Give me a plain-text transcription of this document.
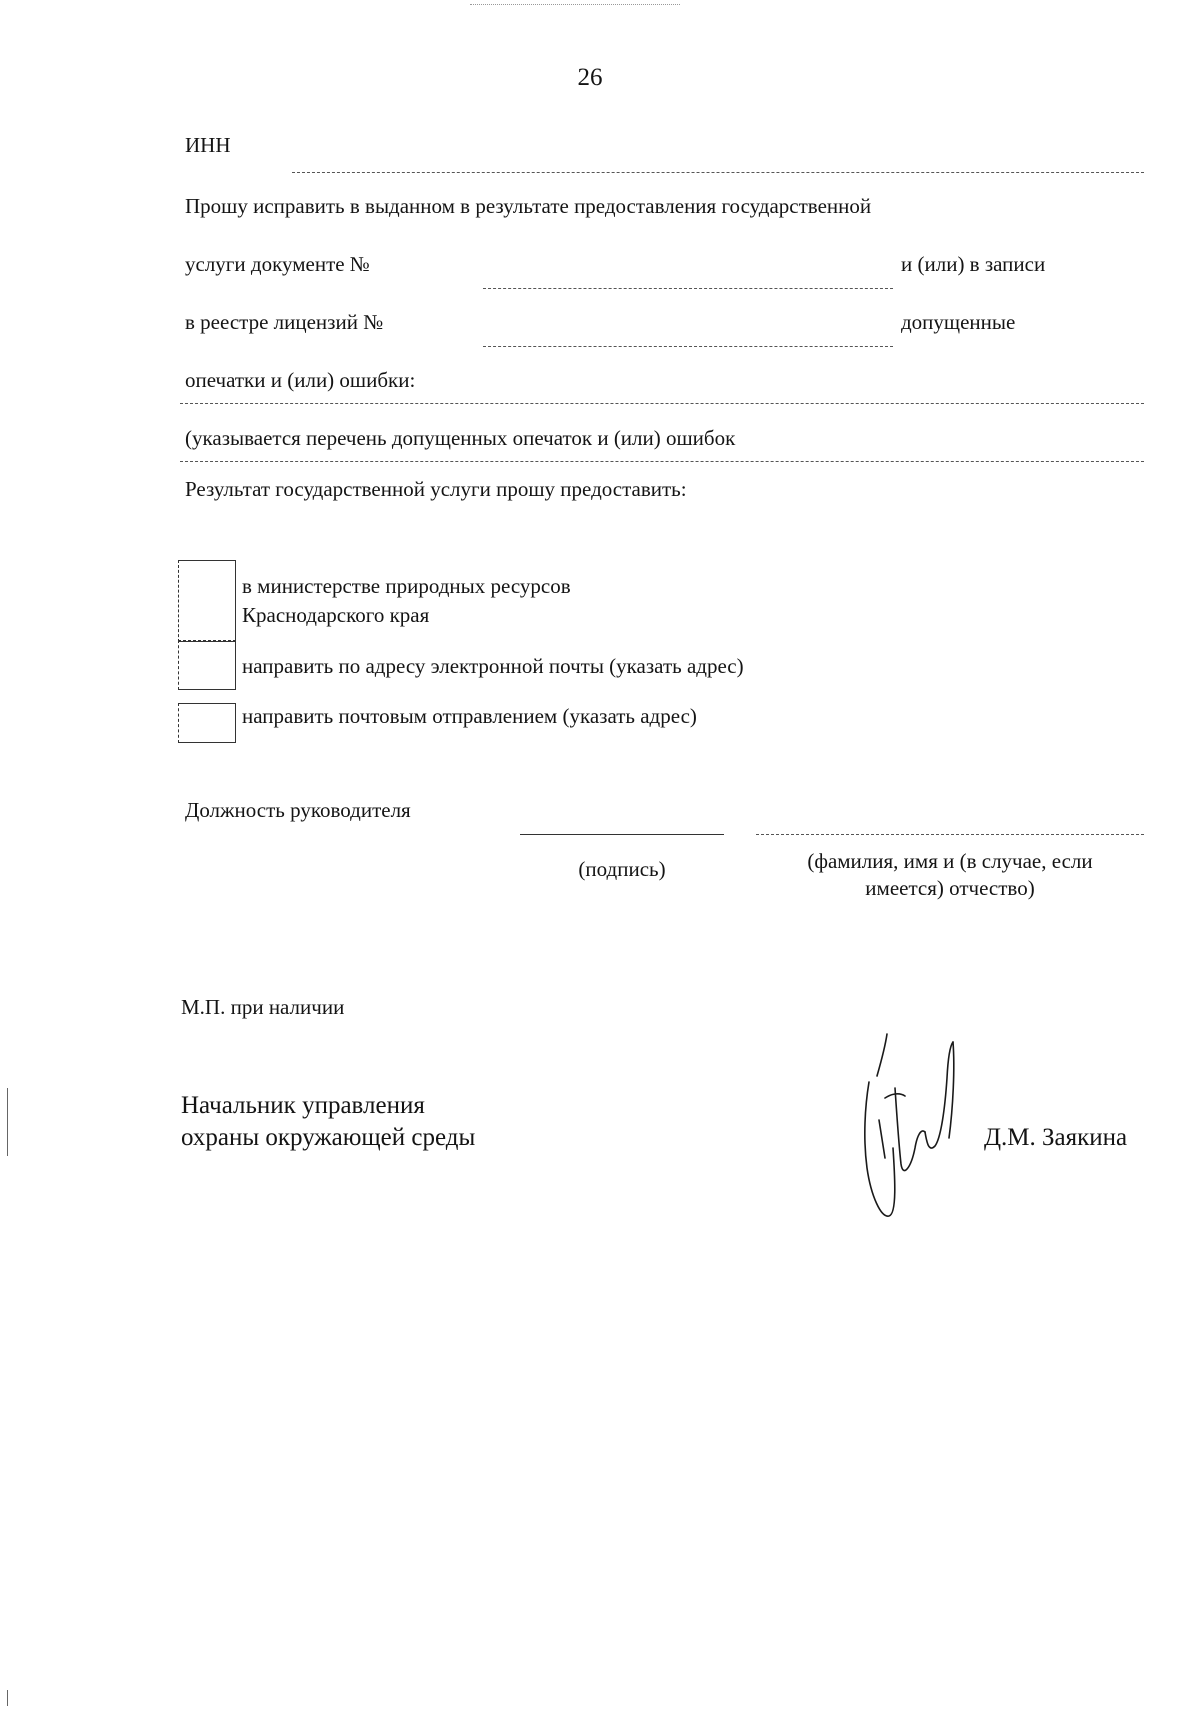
26
ИНН
Прошу исправить в выданном в результате предоставления государственной
услуги документе №	и (или) в записи
в реестре лицензий №	допущенные
опечатки и (или) ошибки:
(указывается перечень допущенных опечаток и (или) ошибок
Результат государственной услуги прошу предоставить:
в министерстве природных ресурсов
Краснодарского края
направить по адресу электронной почты (указать адрес)
направить почтовым отправлением (указать адрес)
Должность руководителя
(подпись)	(фамилия, имя и (в случае, если
имеется) отчество)
М.П. при наличии
Начальник управления
охраны окружающей среды	Д.М. Заякина
